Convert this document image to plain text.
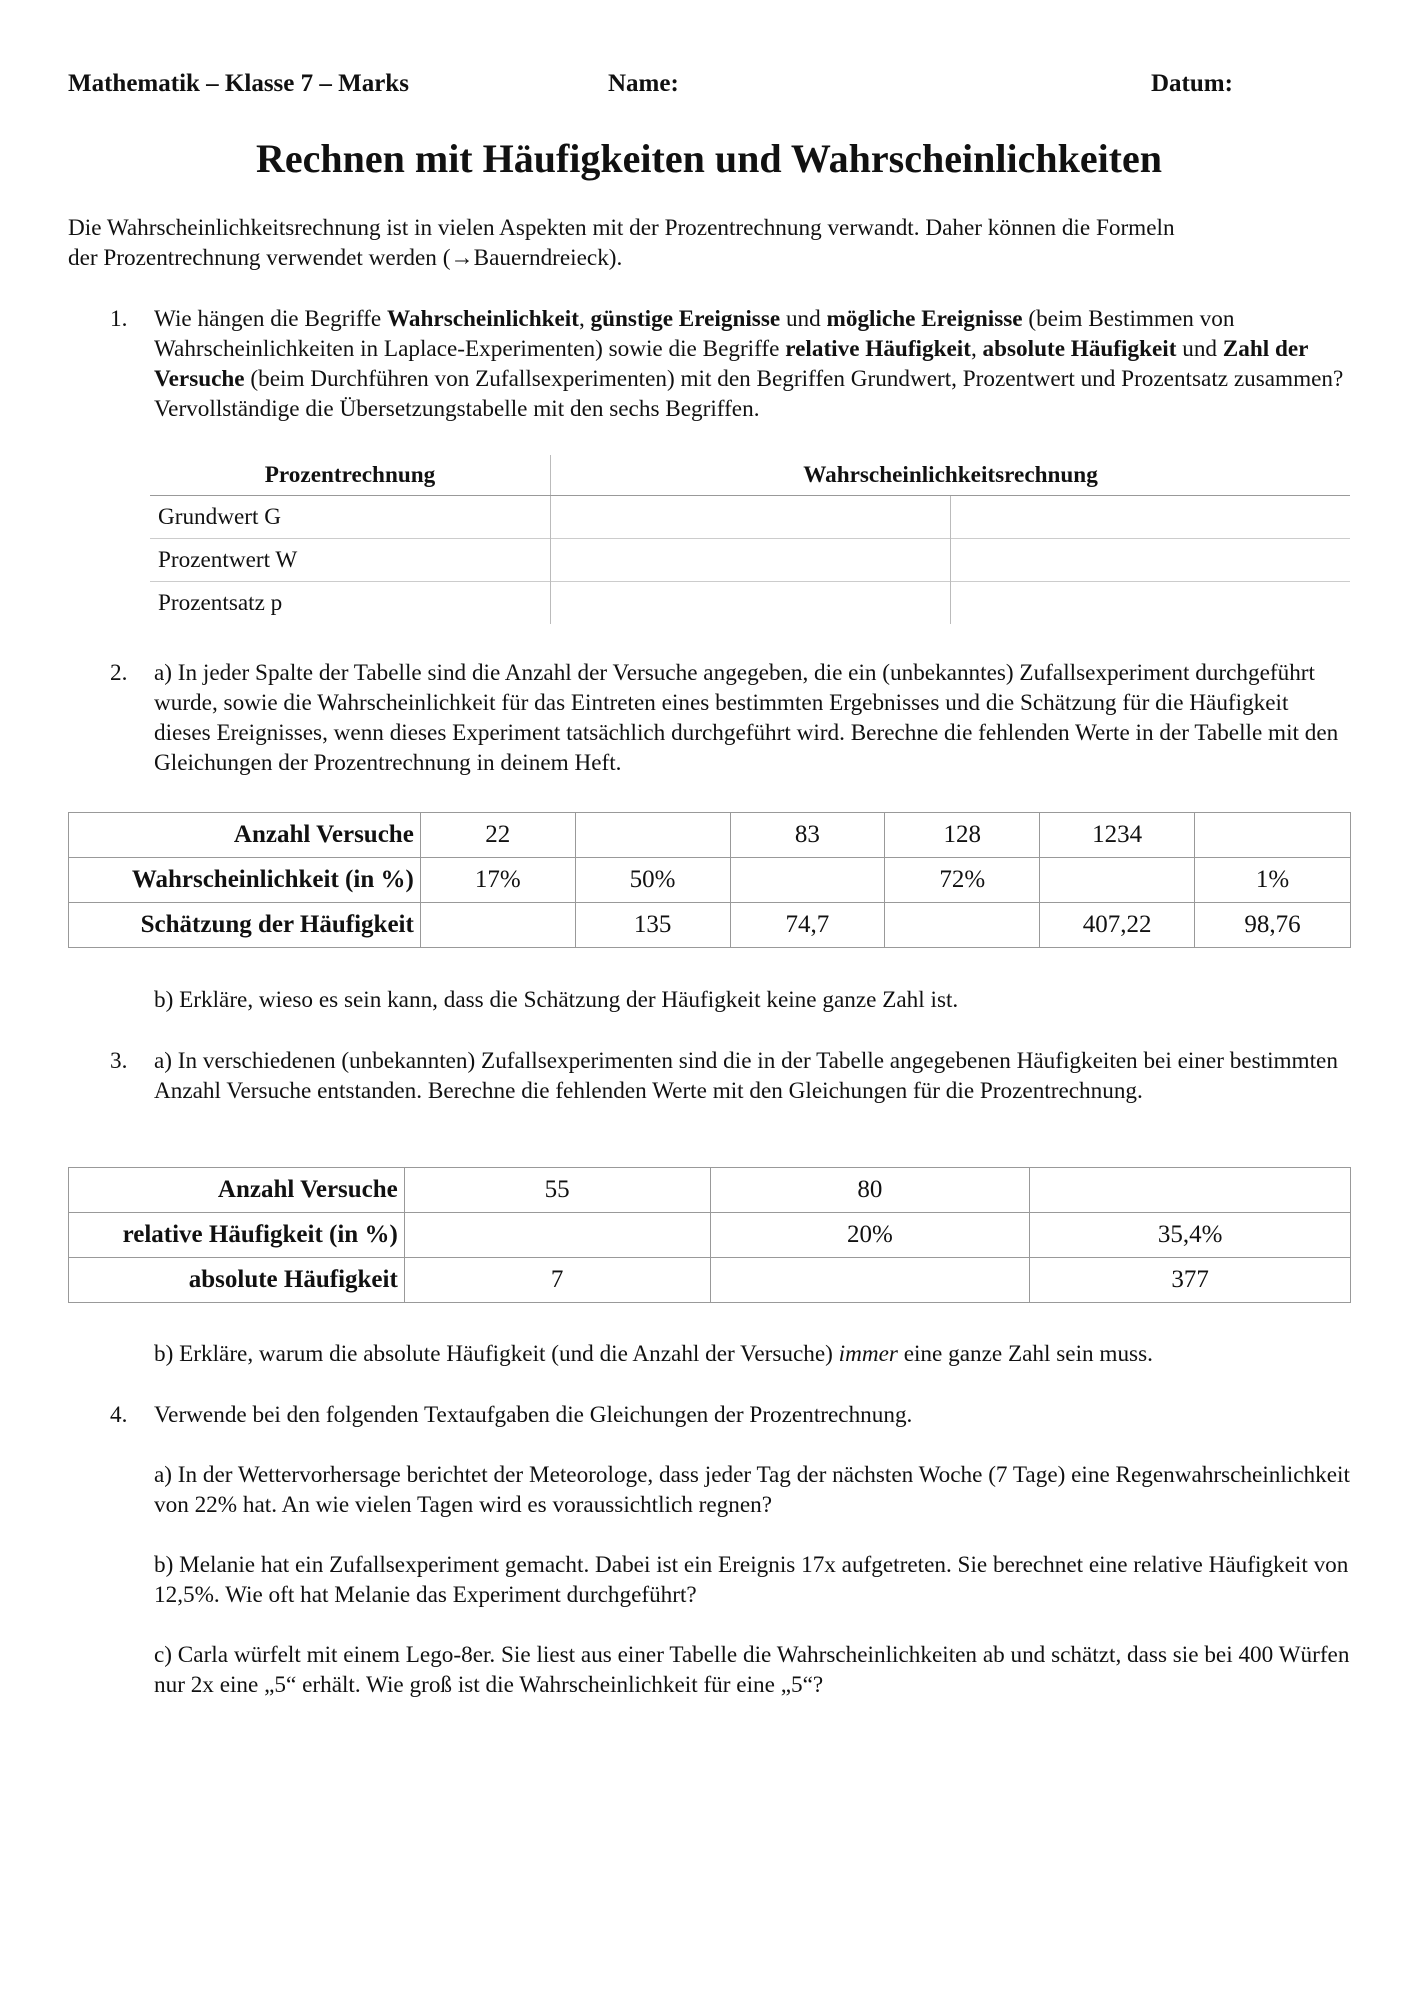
Mathematik – Klasse 7 – Marks	Name:	Datum:
Rechnen mit Häufigkeiten und Wahrscheinlichkeiten

Die Wahrscheinlichkeitsrechnung ist in vielen Aspekten mit der Prozentrechnung verwandt. Daher können die Formeln
der Prozentrechnung verwendet werden (→Bauerndreieck).

1.	Wie hängen die Begriffe Wahrscheinlichkeit, günstige Ereignisse und mögliche Ereignisse (beim Bestimmen von Wahrscheinlichkeiten in Laplace-Experimenten) sowie die Begriffe relative Häufigkeit, absolute Häufigkeit und Zahl der Versuche (beim Durchführen von Zufallsexperimenten) mit den Begriffen Grundwert, Prozentwert und Prozentsatz zusammen? Vervollständige die Übersetzungstabelle mit den sechs Begriffen.

Prozentrechnung	Wahrscheinlichkeitsrechnung	
Grundwert G		
Prozentwert W		
Prozentsatz p		
2.	a) In jeder Spalte der Tabelle sind die Anzahl der Versuche angegeben, die ein (unbekanntes) Zufallsexperiment durchgeführt wurde, sowie die Wahrscheinlichkeit für das Eintreten eines bestimmten Ergebnisses und die Schätzung für die Häufigkeit dieses Ereignisses, wenn dieses Experiment tatsächlich durchgeführt wird. Berechne die fehlenden Werte in der Tabelle mit den Gleichungen der Prozentrechnung in deinem Heft.

Anzahl Versuche	22		83	128	1234	
Wahrscheinlichkeit (in %)	17%	50%		72%		1%
Schätzung der Häufigkeit		135	74,7		407,22	98,76

b) Erkläre, wieso es sein kann, dass die Schätzung der Häufigkeit keine ganze Zahl ist.

3.	a) In verschiedenen (unbekannten) Zufallsexperimenten sind die in der Tabelle angegebenen Häufigkeiten bei einer bestimmten Anzahl Versuche entstanden. Berechne die fehlenden Werte mit den Gleichungen für die Prozentrechnung.

Anzahl Versuche	55	80	
relative Häufigkeit (in %)		20%	35,4%
absolute Häufigkeit	7		377

b) Erkläre, warum die absolute Häufigkeit (und die Anzahl der Versuche) immer eine ganze Zahl sein muss.

4.	Verwende bei den folgenden Textaufgaben die Gleichungen der Prozentrechnung.

a) In der Wettervorhersage berichtet der Meteorologe, dass jeder Tag der nächsten Woche (7 Tage) eine Regenwahrscheinlichkeit von 22% hat. An wie vielen Tagen wird es voraussichtlich regnen?

b) Melanie hat ein Zufallsexperiment gemacht. Dabei ist ein Ereignis 17x aufgetreten. Sie berechnet eine relative Häufigkeit von 12,5%. Wie oft hat Melanie das Experiment durchgeführt?

c) Carla würfelt mit einem Lego-8er. Sie liest aus einer Tabelle die Wahrscheinlichkeiten ab und schätzt, dass sie bei 400 Würfen nur 2x eine „5“ erhält. Wie groß ist die Wahrscheinlichkeit für eine „5“?
